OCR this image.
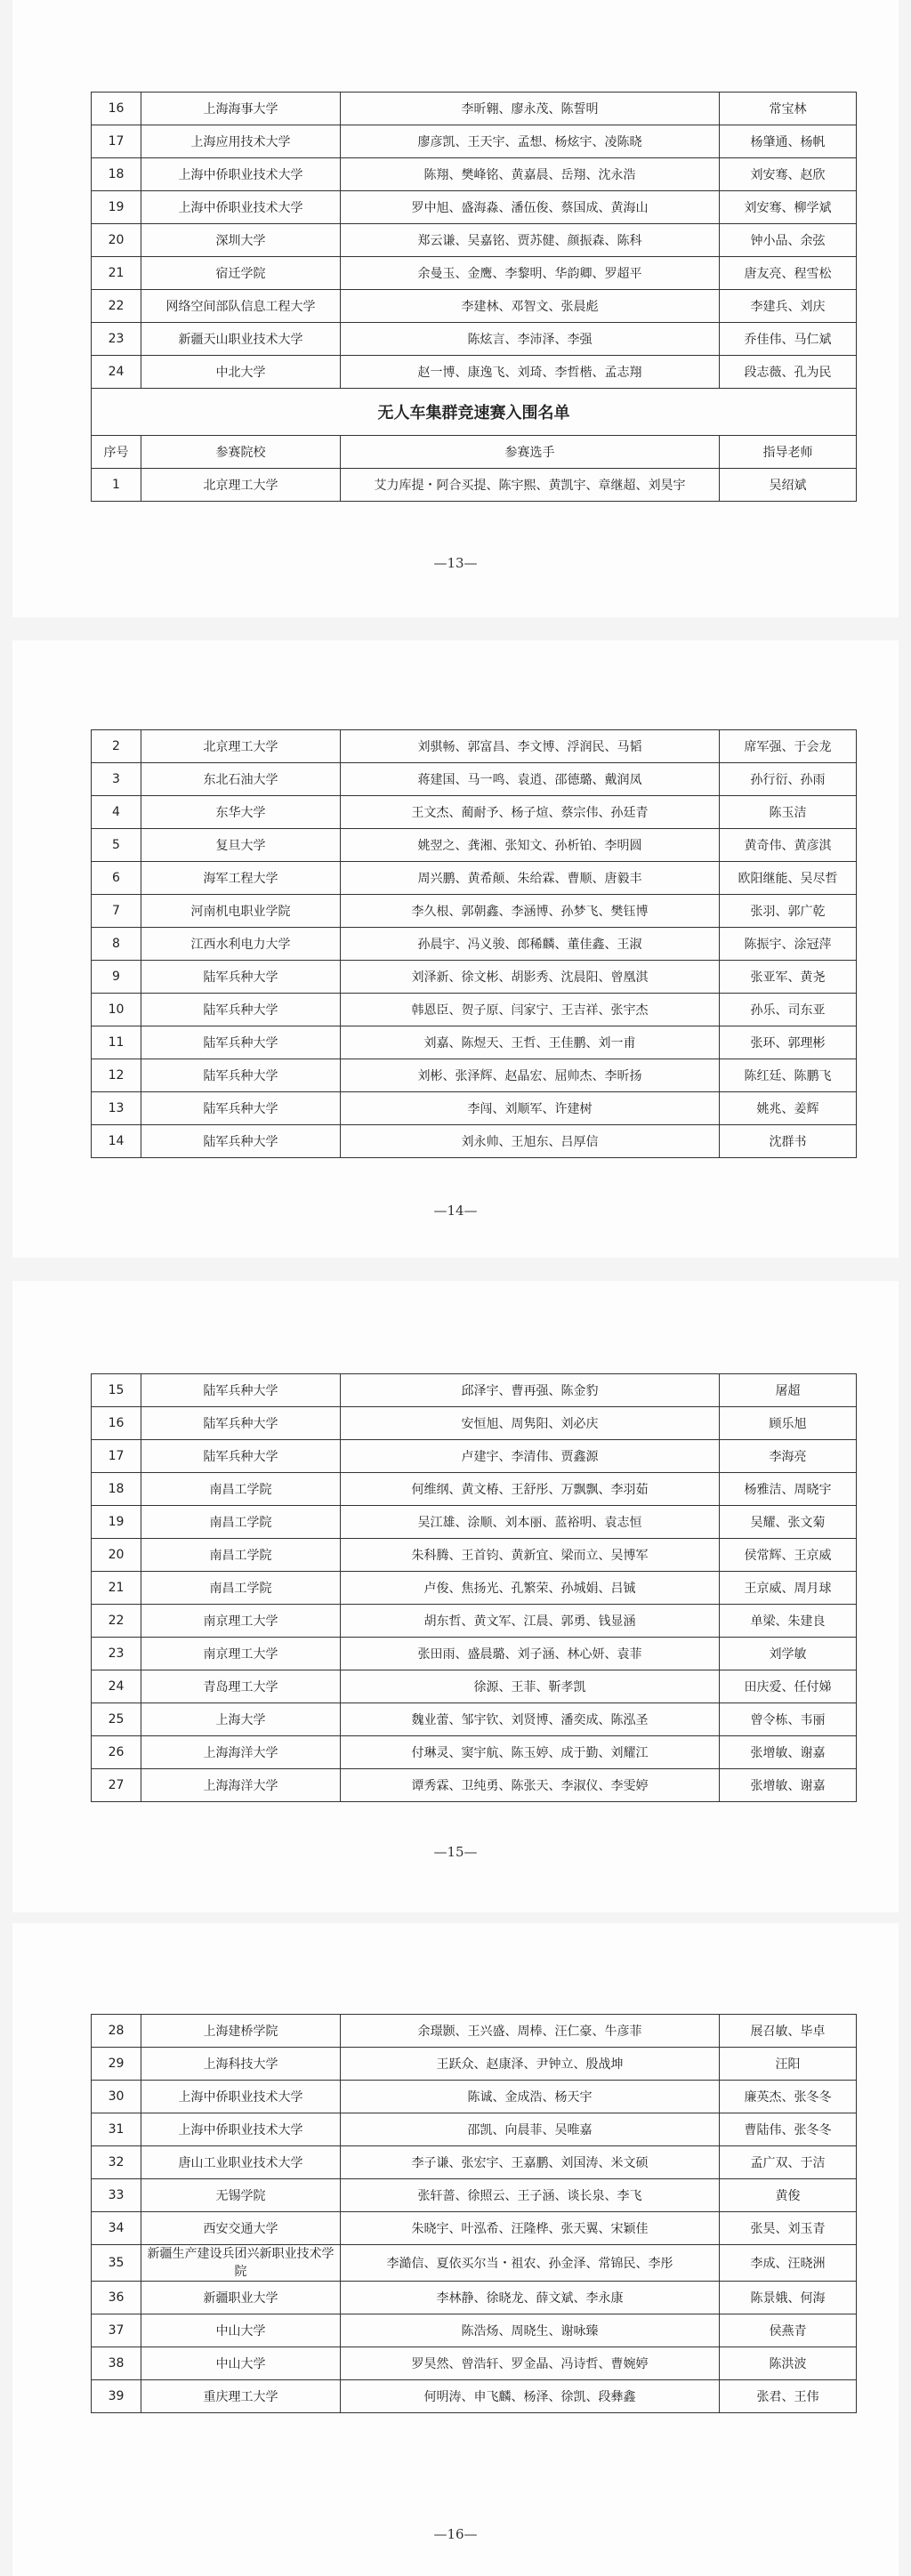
16	上海海事大学	李昕翱、廖永茂、陈誓明	常宝林
17	上海应用技术大学	廖彦凯、王天宇、孟想、杨炫宇、凌陈晓	杨肇通、杨帆
18	上海中侨职业技术大学	陈翔、樊峰铭、黄嘉晨、岳翔、沈永浩	刘安骞、赵欣
19	上海中侨职业技术大学	罗中旭、盛海淼、潘伍俊、蔡国成、黄海山	刘安骞、柳学斌
20	深圳大学	郑云谦、吴嘉铭、贾苏健、颜振森、陈科	钟小品、余弦
21	宿迁学院	余曼玉、金鹰、李黎明、华韵卿、罗超平	唐友亮、程雪松
22	网络空间部队信息工程大学	李建林、邓智文、张晨彪	李建兵、刘庆
23	新疆天山职业技术大学	陈炫言、李沛泽、李强	乔佳伟、马仁斌
24	中北大学	赵一博、康逸飞、刘琦、李哲楷、孟志翔	段志薇、孔为民
无人车集群竞速赛入围名单			
序号	参赛院校	参赛选手	指导老师
1	北京理工大学	艾力库提・阿合买提、陈宇熙、黄凯宇、章继超、刘昊宇	吴绍斌
—13—
2	北京理工大学	刘骐畅、郭富昌、李文博、浮润民、马韬	席军强、于会龙
3	东北石油大学	蒋建国、马一鸣、袁逍、邵德璐、戴润凤	孙行衍、孙雨
4	东华大学	王文杰、蔺耐予、杨子煊、蔡宗伟、孙廷青	陈玉洁
5	复旦大学	姚翌之、龚湘、张知文、孙析铂、李明圆	黄奇伟、黄彦淇
6	海军工程大学	周兴鹏、黄希颠、朱给霖、曹顺、唐毅丰	欧阳继能、吴尽哲
7	河南机电职业学院	李久根、郭朝鑫、李涵博、孙梦飞、樊钰博	张羽、郭广乾
8	江西水利电力大学	孙晨宇、冯义骏、郎稀麟、董佳鑫、王淑	陈振宇、涂冠萍
9	陆军兵种大学	刘泽新、徐文彬、胡影秀、沈晨阳、曾凰淇	张亚军、黄尧
10	陆军兵种大学	韩恩臣、贺子原、闫家宁、王吉祥、张宇杰	孙乐、司东亚
11	陆军兵种大学	刘嘉、陈煜天、王哲、王佳鹏、刘一甫	张环、郭理彬
12	陆军兵种大学	刘彬、张泽辉、赵晶宏、屈帅杰、李昕扬	陈红廷、陈鹏飞
13	陆军兵种大学	李闯、刘顺军、许建树	姚兆、姜辉
14	陆军兵种大学	刘永帅、王旭东、吕厚信	沈群书
—14—
15	陆军兵种大学	邱泽宇、曹再强、陈金豹	屠超
16	陆军兵种大学	安恒旭、周隽阳、刘必庆	顾乐旭
17	陆军兵种大学	卢建宇、李清伟、贾鑫源	李海亮
18	南昌工学院	何维纲、黄文椿、王舒彤、万飘飘、李羽茹	杨雅洁、周晓宇
19	南昌工学院	吴江雄、涂顺、刘本丽、蓝裕明、袁志恒	吴耀、张文菊
20	南昌工学院	朱科腾、王首钧、黄新宜、梁而立、吴博军	侯常辉、王京威
21	南昌工学院	卢俊、焦扬光、孔繁荣、孙城娟、吕铖	王京威、周月球
22	南京理工大学	胡东哲、黄文军、江晨、郭勇、钱显涵	单梁、朱建良
23	南京理工大学	张田雨、盛晨璐、刘子涵、林心妍、袁菲	刘学敏
24	青岛理工大学	徐源、王菲、靳孝凯	田庆爱、任付娣
25	上海大学	魏业蕾、邹宇钦、刘贤博、潘奕成、陈泓圣	曾令栋、韦丽
26	上海海洋大学	付琳灵、窦宇航、陈玉婷、成于勤、刘耀江	张增敏、谢嘉
27	上海海洋大学	谭秀霖、卫纯勇、陈张天、李淑仪、李雯婷	张增敏、谢嘉
—15—
28	上海建桥学院	余璟颢、王兴盛、周棒、汪仁豪、牛彦菲	展召敏、毕卓
29	上海科技大学	王跃众、赵康泽、尹钟立、殷战坤	汪阳
30	上海中侨职业技术大学	陈诚、金成浩、杨天宇	廉英杰、张冬冬
31	上海中侨职业技术大学	邵凯、向晨菲、吴唯嘉	曹陆伟、张冬冬
32	唐山工业职业技术大学	李子谦、张宏宇、王嘉鹏、刘国涛、米文硕	孟广双、于洁
33	无锡学院	张轩蔷、徐照云、王子涵、谈长泉、李飞	黄俊
34	西安交通大学	朱晓宇、叶泓希、汪隆桦、张天翼、宋颖佳	张昊、刘玉青
35	新疆生产建设兵团兴新职业技术学院	李澔信、夏依买尔当・祖农、孙金泽、常锦民、李彤	李成、汪晓洲
36	新疆职业大学	李林静、徐晓龙、薛文斌、李永康	陈景娥、何海
37	中山大学	陈浩炀、周晓生、谢咏臻	侯燕青
38	中山大学	罗昊然、曾浩轩、罗金晶、冯诗哲、曹婉婷	陈洪波
39	重庆理工大学	何明涛、申飞麟、杨泽、徐凯、段彝鑫	张君、王伟
—16—
